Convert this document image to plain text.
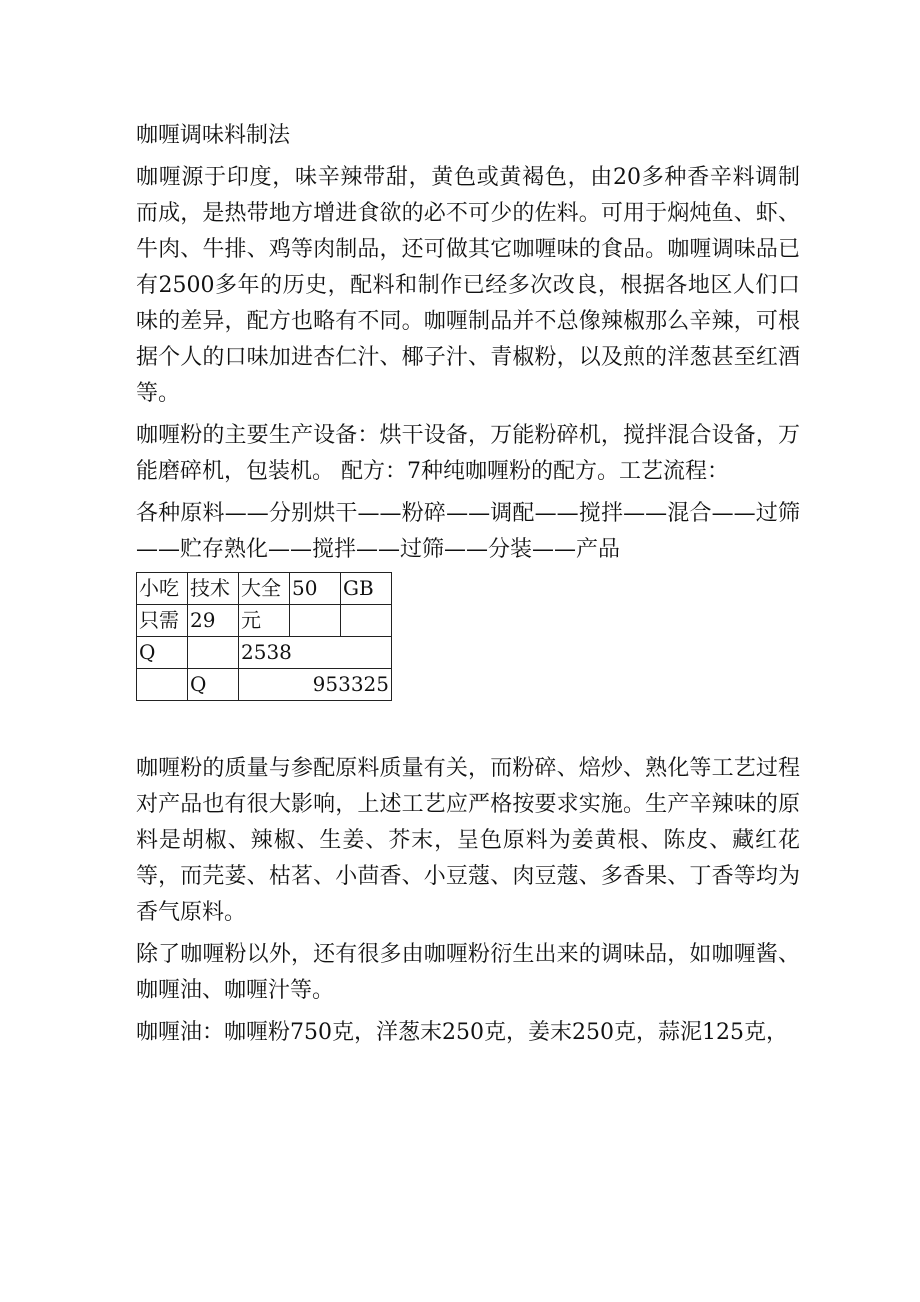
咖喱调味料制法

咖喱源于印度，味辛辣带甜，黄色或黄褐色，由20多种香辛料调制而成，是热带地方增进食欲的必不可少的佐料。可用于焖炖鱼、虾、牛肉、牛排、鸡等肉制品，还可做其它咖喱味的食品。咖喱调味品已有2500多年的历史，配料和制作已经多次改良，根据各地区人们口味的差异，配方也略有不同。咖喱制品并不总像辣椒那么辛辣，可根据个人的口味加进杏仁汁、椰子汁、青椒粉，以及煎的洋葱甚至红酒等。

咖喱粉的主要生产设备：烘干设备，万能粉碎机，搅拌混合设备，万能磨碎机，包装机。 配方：7种纯咖喱粉的配方。工艺流程：

各种原料——分别烘干——粉碎——调配——搅拌——混合——过筛——贮存熟化——搅拌——过筛——分装——产品

小吃	技术	大全	50	GB
只需	29	元		
Q		2538		
	Q	953325		

咖喱粉的质量与参配原料质量有关，而粉碎、焙炒、熟化等工艺过程对产品也有很大影响，上述工艺应严格按要求实施。生产辛辣味的原料是胡椒、辣椒、生姜、芥末，呈色原料为姜黄根、陈皮、藏红花等，而芫荽、枯茗、小茴香、小豆蔻、肉豆蔻、多香果、丁香等均为香气原料。

除了咖喱粉以外，还有很多由咖喱粉衍生出来的调味品，如咖喱酱、咖喱油、咖喱汁等。

咖喱油：咖喱粉750克，洋葱末250克，姜末250克，蒜泥125克，
